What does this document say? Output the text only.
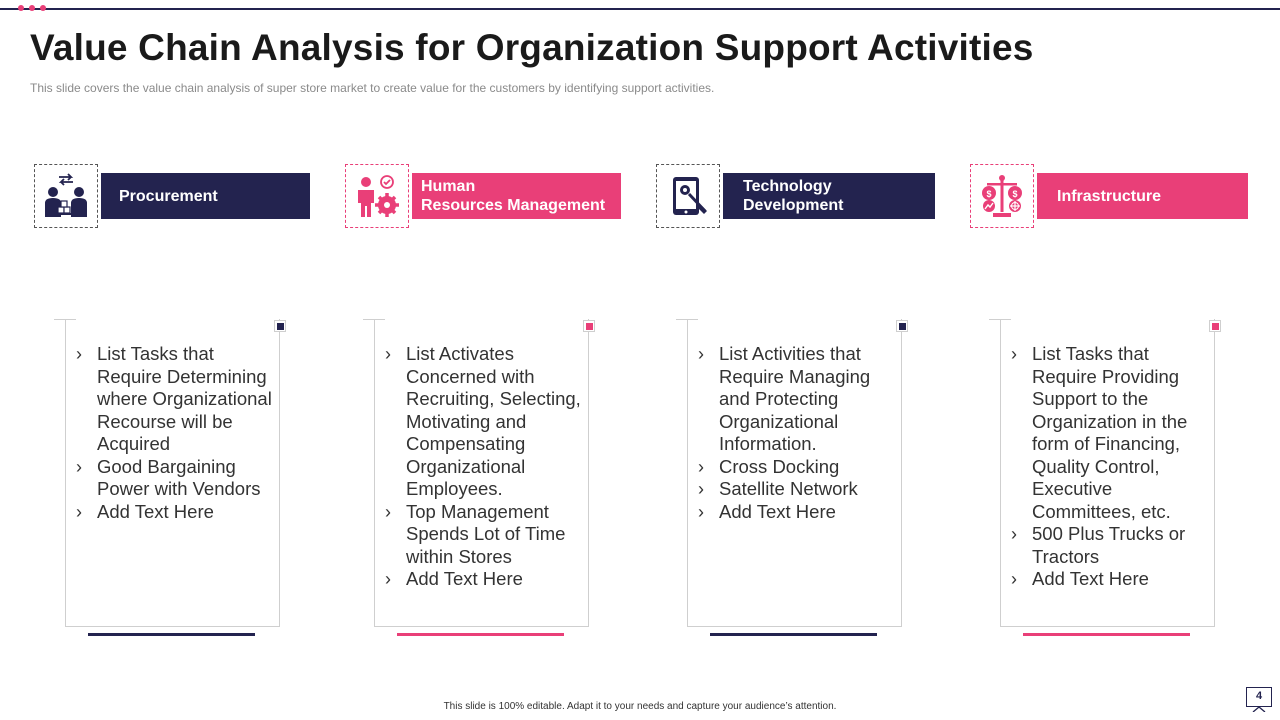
Value Chain Analysis for Organization Support Activities

This slide covers the value chain analysis of super store market to create value for the customers by identifying support activities.

Procurement
Human
Resources Management
Technology
Development
$ $ Infrastructure
› List Tasks that Require Determining where Organizational Recourse will be Acquired
› Good Bargaining Power with Vendors
› Add Text Here
› List Activates Concerned with Recruiting, Selecting, Motivating and Compensating Organizational Employees.
› Top Management Spends Lot of Time within Stores
› Add Text Here
› List Activities that Require Managing and Protecting Organizational Information.
› Cross Docking
› Satellite Network
› Add Text Here
› List Tasks that Require Providing Support to the Organization in the form of Financing, Quality Control, Executive Committees, etc.
› 500 Plus Trucks or Tractors
› Add Text Here
This slide is 100% editable. Adapt it to your needs and capture your audience’s attention.
4
